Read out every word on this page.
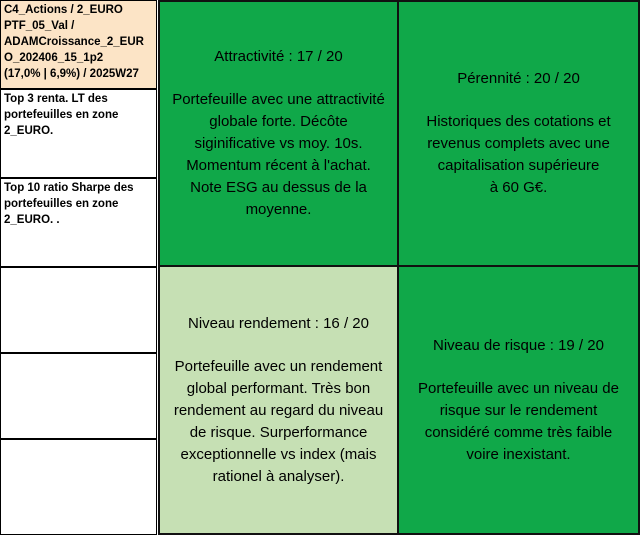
C4_Actions / 2_EURO
PTF_05_Val /
ADAMCroissance_2_EUR
O_202406_15_1p2
(17,0% | 6,9%) / 2025W27
Top 3 renta. LT des
portefeuilles en zone
2_EURO.
Top 10 ratio Sharpe des
portefeuilles en zone
2_EURO. .
Attractivité : 17 / 20
Portefeuille avec une attractivité
globale forte. Décôte
siginificative vs moy. 10s.
Momentum récent à l'achat.
Note ESG au dessus de la
moyenne.
Pérennité : 20 / 20
Historiques des cotations et
revenus complets avec une
capitalisation supérieure
à 60 G€.
Niveau rendement : 16 / 20
Portefeuille avec un rendement
global performant. Très bon
rendement au regard du niveau
de risque. Surperformance
exceptionnelle vs index (mais
rationel à analyser).
Niveau de risque : 19 / 20
Portefeuille avec un niveau de
risque sur le rendement
considéré comme très faible
voire inexistant.
